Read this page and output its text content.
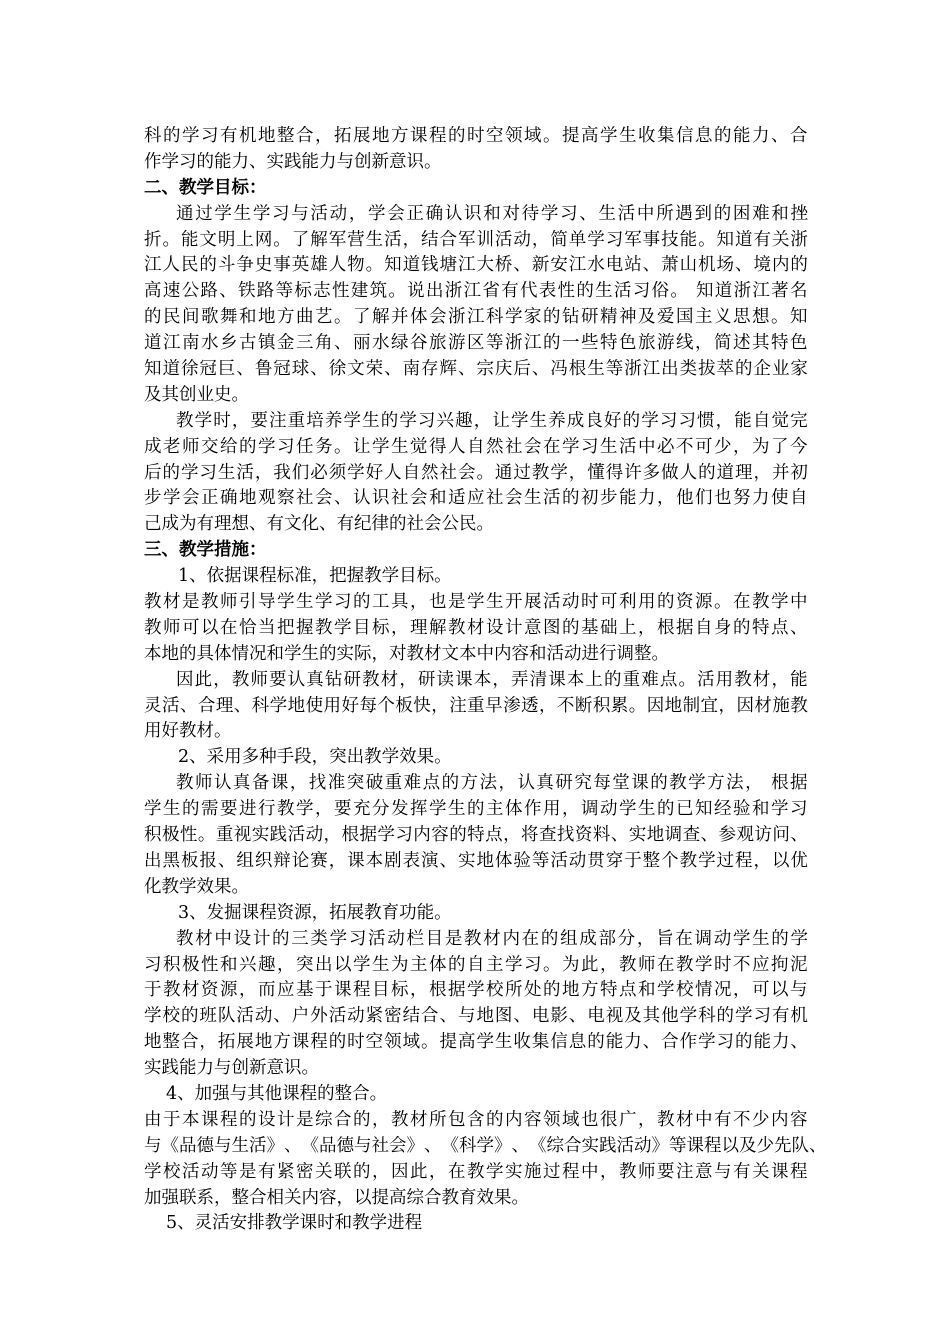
科 的 学 习 有 机 地 整 合 ， 拓 展 地 方 课 程 的 时 空 领 域 。 提 高 学 生 收 集 信 息 的 能 力 、 合
作学习的能力、实践能力与创新意识。
二、教学目标：
通 过 学 生 学 习 与 活 动 ， 学 会 正 确 认 识 和 对 待 学 习 、 生 活 中 所 遇 到 的 困 难 和 挫
折 。 能 文 明 上 网 。 了 解 军 营 生 活 ， 结 合 军 训 活 动 ， 简 单 学 习 军 事 技 能 。 知 道 有 关 浙
江 人 民 的 斗 争 史 事 英 雄 人 物 。 知 道 钱 塘 江 大 桥 、 新 安 江 水 电 站 、 萧 山 机 场 、 境 内 的
高 速 公 路 、 铁 路 等 标 志 性 建 筑 。 说 出 浙 江 省 有 代 表 性 的 生 活 习 俗 。
知 道 浙 江 著 名
的 民 间 歌 舞 和 地 方 曲 艺 。 了 解 并 体 会 浙 江 科 学 家 的 钻 研 精 神 及 爱 国 主 义 思 想 。 知
道 江 南 水 乡 古 镇 金 三 角 、 丽 水 绿 谷 旅 游 区 等 浙 江 的 一 些 特 色 旅 游 线 ， 简 述 其 特 色
知 道 徐 冠 巨 、 鲁 冠 球 、 徐 文 荣 、 南 存 辉 、 宗 庆 后 、 冯 根 生 等 浙 江 出 类 拔 萃 的 企 业 家
及其创业史。
教 学 时 ， 要 注 重 培 养 学 生 的 学 习 兴 趣 ， 让 学 生 养 成 良 好 的 学 习 习 惯 ， 能 自 觉 完
成 老 师 交 给 的 学 习 任 务 。 让 学 生 觉 得 人 自 然 社 会 在 学 习 生 活 中 必 不 可 少 ， 为 了 今
后 的 学 习 生 活 ， 我 们 必 须 学 好 人 自 然 社 会 。 通 过 教 学 ， 懂 得 许 多 做 人 的 道 理 ， 并 初
步 学 会 正 确 地 观 察 社 会 、 认 识 社 会 和 适 应 社 会 生 活 的 初 步 能 力 ， 他 们 也 努 力 使 自
己成为有理想、有文化、有纪律的社会公民。
三、教学措施：
1、依据课程标准，把握教学目标。
教 材 是 教 师 引 导 学 生 学 习 的 工 具 ， 也 是 学 生 开 展 活 动 时 可 利 用 的 资 源 。 在 教 学 中
教 师 可 以 在 恰 当 把 握 教 学 目 标 ， 理 解 教 材 设 计 意 图 的 基 础 上 ， 根 据 自 身 的 特 点 、
本地的具体情况和学生的实际，对教材文本中内容和活动进行调整。
因 此 ， 教 师 要 认 真 钻 研 教 材 ， 研 读 课 本 ， 弄 清 课 本 上 的 重 难 点 。 活 用 教 材 ， 能
灵 活 、 合 理 、 科 学 地 使 用 好 每 个 板 快 ， 注 重 早 渗 透 ， 不 断 积 累 。 因 地 制 宜 ， 因 材 施 教
用好教材。
2、采用多种手段，突出教学效果。
教 师 认 真 备 课 ， 找 准 突 破 重 难 点 的 方 法 ， 认 真 研 究 每 堂 课 的 教 学 方 法 ，
根 据
学 生 的 需 要 进 行 教 学 ， 要 充 分 发 挥 学 生 的 主 体 作 用 ， 调 动 学 生 的 已 知 经 验 和 学 习
积 极 性 。 重 视 实 践 活 动 ， 根 据 学 习 内 容 的 特 点 ， 将 查 找 资 料 、 实 地 调 查 、 参 观 访 问 、
出 黑 板 报 、 组 织 辩 论 赛 ， 课 本 剧 表 演 、 实 地 体 验 等 活 动 贯 穿 于 整 个 教 学 过 程 ， 以 优
化教学效果。
3、发掘课程资源，拓展教育功能。
教 材 中 设 计 的 三 类 学 习 活 动 栏 目 是 教 材 内 在 的 组 成 部 分 ， 旨 在 调 动 学 生 的 学
习 积 极 性 和 兴 趣 ， 突 出 以 学 生 为 主 体 的 自 主 学 习 。 为 此 ， 教 师 在 教 学 时 不 应 拘 泥
于 教 材 资 源 ， 而 应 基 于 课 程 目 标 ， 根 据 学 校 所 处 的 地 方 特 点 和 学 校 情 况 ， 可 以 与
学 校 的 班 队 活 动 、 户 外 活 动 紧 密 结 合 、 与 地 图 、 电 影 、 电 视 及 其 他 学 科 的 学 习 有 机
地 整 合 ， 拓 展 地 方 课 程 的 时 空 领 域 。 提 高 学 生 收 集 信 息 的 能 力 、 合 作 学 习 的 能 力 、
实践能力与创新意识。
4、加强与其他课程的整合。
由 于 本 课 程 的 设 计 是 综 合 的 ， 教 材 所 包 含 的 内 容 领 域 也 很 广 ， 教 材 中 有 不 少 内 容
与 《 品 德 与 生 活 》 、 《 品 德 与 社 会 》 、 《 科 学 》 、 《 综 合 实 践 活 动 》 等 课 程 以 及 少 先 队 、
学 校 活 动 等 是 有 紧 密 关 联 的 ， 因 此 ， 在 教 学 实 施 过 程 中 ， 教 师 要 注 意 与 有 关 课 程
加强联系，整合相关内容，以提高综合教育效果。
5、灵活安排教学课时和教学进程
